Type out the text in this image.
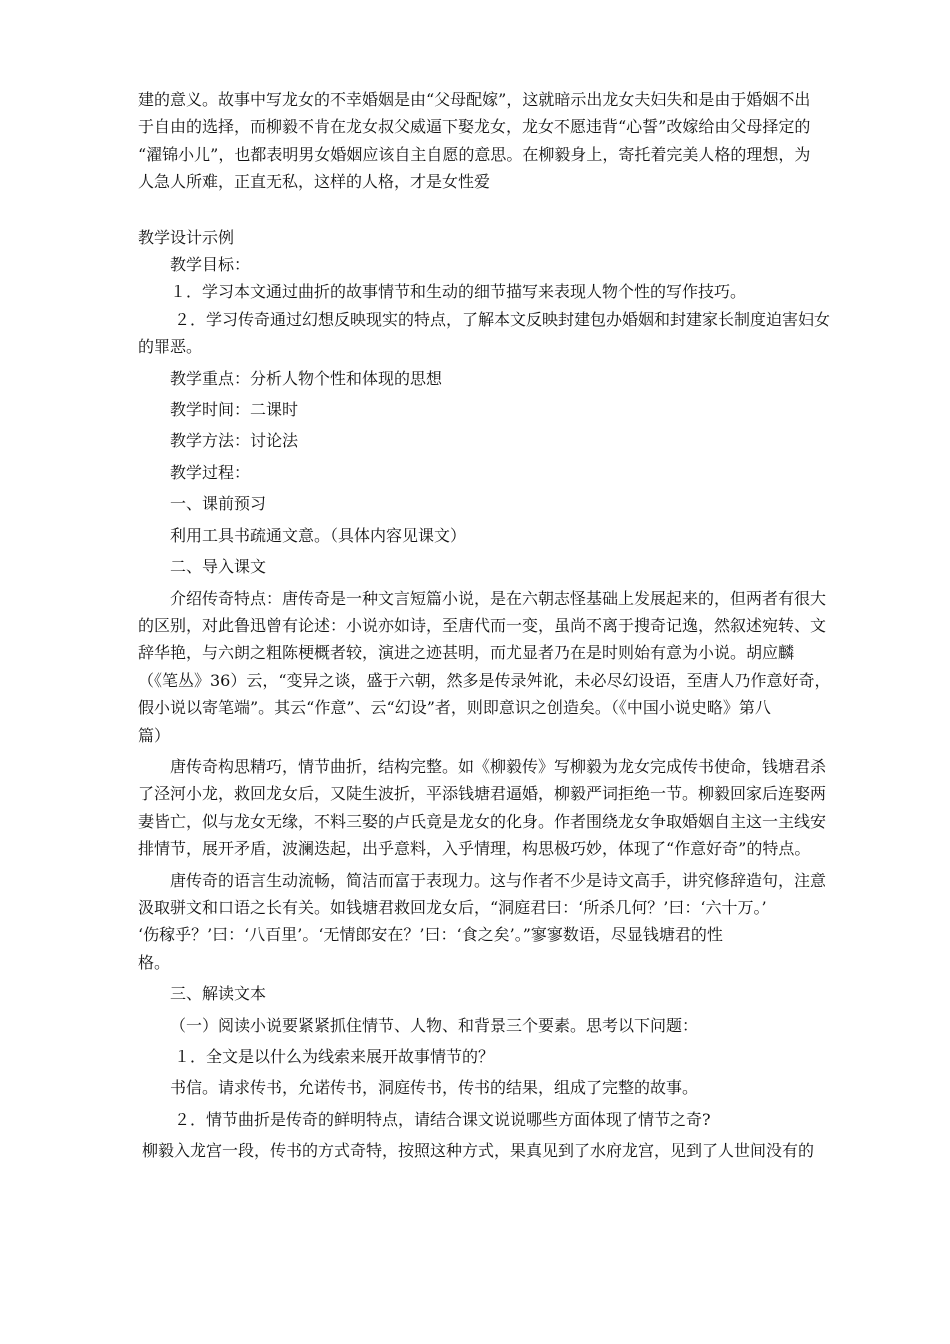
建的意义。故事中写龙女的不幸婚姻是由“父母配嫁”，这就暗示出龙女夫妇失和是由于婚姻不出

于自由的选择，而柳毅不肯在龙女叔父威逼下娶龙女，龙女不愿违背“心誓”改嫁给由父母择定的

“濯锦小儿”，也都表明男女婚姻应该自主自愿的意思。在柳毅身上，寄托着完美人格的理想，为

人急人所难，正直无私，这样的人格，才是女性爱

教学设计示例

教学目标：

１．学习本文通过曲折的故事情节和生动的细节描写来表现人物个性的写作技巧。

２．学习传奇通过幻想反映现实的特点，了解本文反映封建包办婚姻和封建家长制度迫害妇女

的罪恶。

教学重点：分析人物个性和体现的思想

教学时间：二课时

教学方法：讨论法

教学过程：

一、课前预习

利用工具书疏通文意。（具体内容见课文）

二、导入课文

介绍传奇特点：唐传奇是一种文言短篇小说，是在六朝志怪基础上发展起来的，但两者有很大

的区别，对此鲁迅曾有论述：小说亦如诗，至唐代而一变，虽尚不离于搜奇记逸，然叙述宛转、文

辞华艳，与六朗之粗陈梗概者较，演进之迹甚明，而尤显者乃在是时则始有意为小说。胡应麟

（《笔丛》36）云，“变异之谈，盛于六朝，然多是传录舛讹，未必尽幻设语，至唐人乃作意好奇，

假小说以寄笔端”。其云“作意”、云“幻设”者，则即意识之创造矣。（《中国小说史略》第八

篇）

唐传奇构思精巧，情节曲折，结构完整。如《柳毅传》写柳毅为龙女完成传书使命，钱塘君杀

了泾河小龙，救回龙女后，又陡生波折，平添钱塘君逼婚，柳毅严词拒绝一节。柳毅回家后连娶两

妻皆亡，似与龙女无缘，不料三娶的卢氏竟是龙女的化身。作者围绕龙女争取婚姻自主这一主线安

排情节，展开矛盾，波澜迭起，出乎意料，入乎情理，构思极巧妙，体现了“作意好奇”的特点。

唐传奇的语言生动流畅，简洁而富于表现力。这与作者不少是诗文高手，讲究修辞造句，注意

汲取骈文和口语之长有关。如钱塘君救回龙女后，“洞庭君曰：‘所杀几何？’曰：‘六十万。’

‘伤稼乎？’曰：‘八百里’。‘无情郎安在？’曰：‘食之矣’。”寥寥数语，尽显钱塘君的性

格。

三、解读文本

（一）阅读小说要紧紧抓住情节、人物、和背景三个要素。思考以下问题：

１．全文是以什么为线索来展开故事情节的？

书信。请求传书，允诺传书，洞庭传书，传书的结果，组成了完整的故事。

２．情节曲折是传奇的鲜明特点，请结合课文说说哪些方面体现了情节之奇?

柳毅入龙宫一段，传书的方式奇特，按照这种方式，果真见到了水府龙宫，见到了人世间没有的
